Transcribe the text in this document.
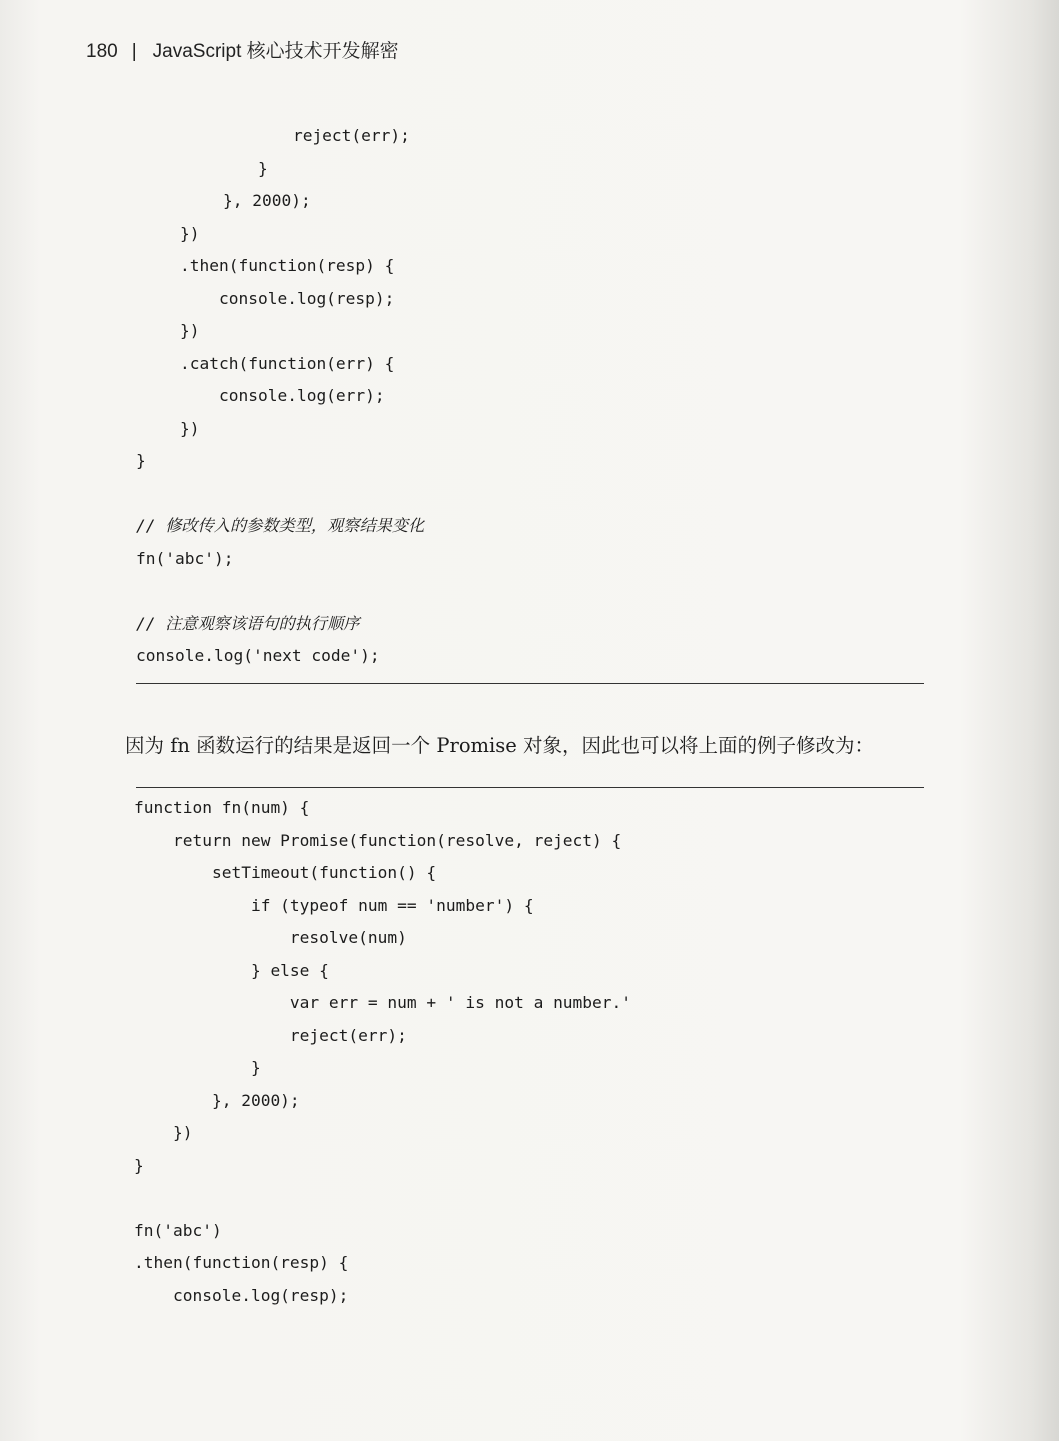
180 | JavaScript 核心技术开发解密
reject(err);
}
}, 2000);
})
.then(function(resp) {
console.log(resp);
})
.catch(function(err) {
console.log(err);
})
}
// 修改传入的参数类型，观察结果变化
fn('abc');
// 注意观察该语句的执行顺序
console.log('next code');
因为 fn 函数运行的结果是返回一个 Promise 对象，因此也可以将上面的例子修改为：
function fn(num) {
return new Promise(function(resolve, reject) {
setTimeout(function() {
if (typeof num == 'number') {
resolve(num)
} else {
var err = num + ' is not a number.'
reject(err);
}
}, 2000);
})
}
fn('abc')
.then(function(resp) {
console.log(resp);
